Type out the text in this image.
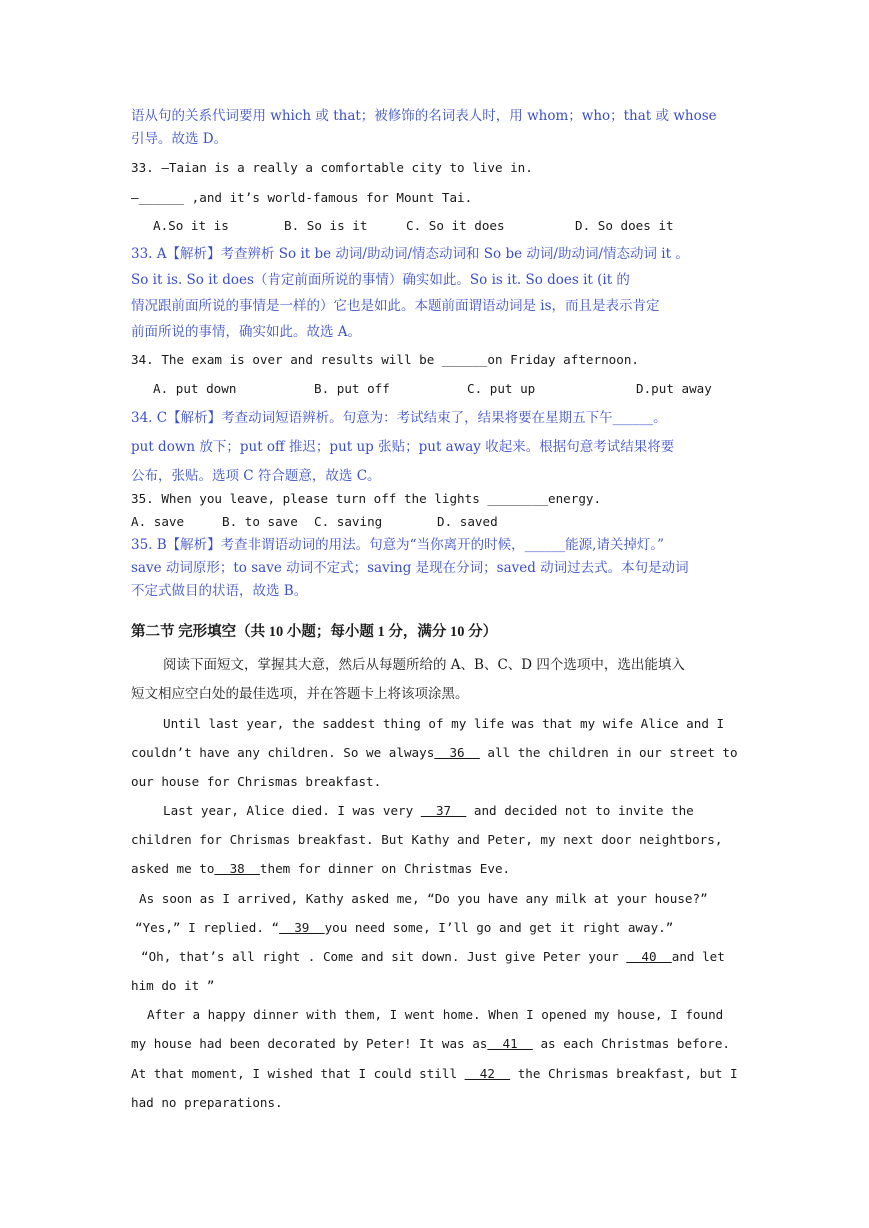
语从句的关系代词要用 which 或 that；被修饰的名词表人时，用 whom；who；that 或 whose
引导。故选 D。
33. —Taian is a really a comfortable city to live in.
—______ ,and it’s world-famous for Mount Tai.
A.So it is	B. So is it	C. So it does	D. So does it
33. A【解析】考查辨析 So it be 动词/助动词/情态动词和 So be 动词/助动词/情态动词 it 。
So it is. So it does（肯定前面所说的事情）确实如此。So is it. So does it (it 的
情况跟前面所说的事情是一样的）它也是如此。本题前面谓语动词是 is，而且是表示肯定
前面所说的事情，确实如此。故选 A。
34. The exam is over and results will be ______on Friday afternoon.
A. put down	B. put off	C. put up	D.put away
34. C【解析】考查动词短语辨析。句意为：考试结束了，结果将要在星期五下午______。
put down 放下；put off 推迟；put up 张贴；put away 收起来。根据句意考试结果将要
公布，张贴。选项 C 符合题意，故选 C。
35. When you leave, please turn off the lights ________energy.
A. save	B. to save C. saving	D. saved
35. B【解析】考查非谓语动词的用法。句意为“当你离开的时候，______能源,请关掉灯。”
save 动词原形；to save 动词不定式；saving 是现在分词；saved 动词过去式。本句是动词
不定式做目的状语，故选 B。
第二节 完形填空（共 10 小题；每小题 1 分，满分 10 分）
阅读下面短文，掌握其大意，然后从每题所给的 A、B、C、D 四个选项中，选出能填入
短文相应空白处的最佳选项，并在答题卡上将该项涂黑。
Until last year, the saddest thing of my life was that my wife Alice and I
couldn’t have any children. So we always  36   all the children in our street to
our house for Chrismas breakfast.
Last year, Alice died. I was very   37   and decided not to invite the
children for Chrismas breakfast. But Kathy and Peter, my next door neightbors,
asked me to  38  them for dinner on Christmas Eve.
As soon as I arrived, Kathy asked me, “Do you have any milk at your house?”
“Yes,” I replied. “  39  you need some, I’ll go and get it right away.”
“Oh, that’s all right . Come and sit down. Just give Peter your   40  and let
him do it ”
After a happy dinner with them, I went home. When I opened my house, I found
my house had been decorated by Peter! It was as  41   as each Christmas before.
At that moment, I wished that I could still   42   the Chrismas breakfast, but I
had no preparations.
